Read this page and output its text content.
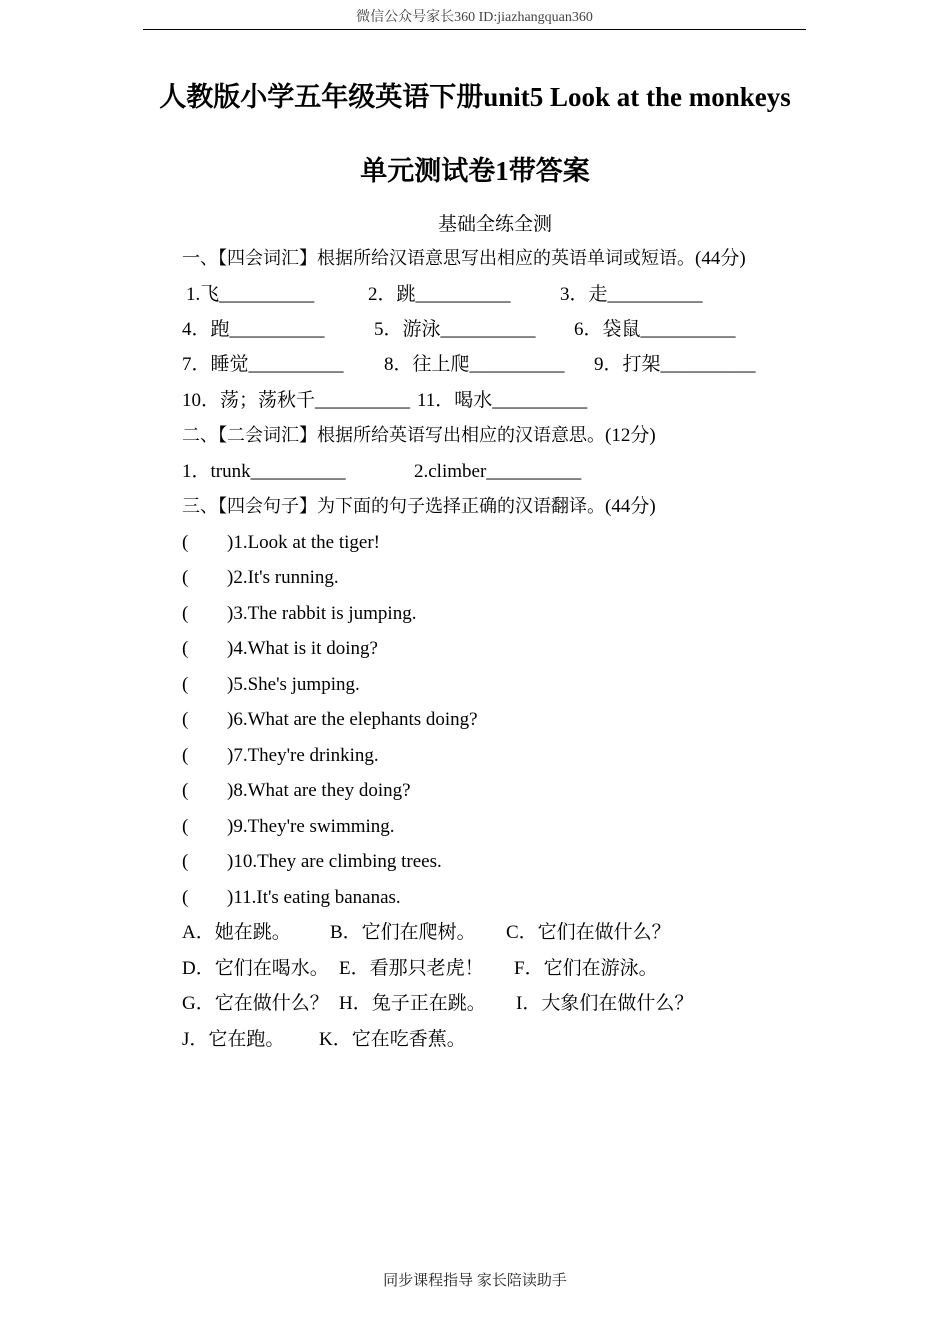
微信公众号家长360 ID:jiazhangquan360
人教版小学五年级英语下册unit5 Look at the monkeys
单元测试卷1带答案
基础全练全测
一、【四会词汇】根据所给汉语意思写出相应的英语单词或短语。(44分)
1.飞__________	2．跳__________	3．走__________
4．跑__________	5．游泳__________ 6．袋鼠__________
7．睡觉__________ 8．往上爬__________ 9．打架__________
10．荡；荡秋千__________ 11．喝水__________
二、【二会词汇】根据所给英语写出相应的汉语意思。(12分)
1．trunk__________	2.climber__________
三、【四会句子】为下面的句子选择正确的汉语翻译。(44分)
( )1.Look at the tiger!
( )2.It's running.
( )3.The rabbit is jumping.
( )4.What is it doing?
( )5.She's jumping.
( )6.What are the elephants doing?
( )7.They're drinking.
( )8.What are they doing?
( )9.They're swimming.
( )10.They are climbing trees.
( )11.It's eating bananas.
A．她在跳。 B．它们在爬树。 C．它们在做什么？
D．它们在喝水。 E．看那只老虎！ F．它们在游泳。
G．它在做什么？ H．兔子正在跳。 I．大象们在做什么？
J．它在跑。 K．它在吃香蕉。
同步课程指导 家长陪读助手
